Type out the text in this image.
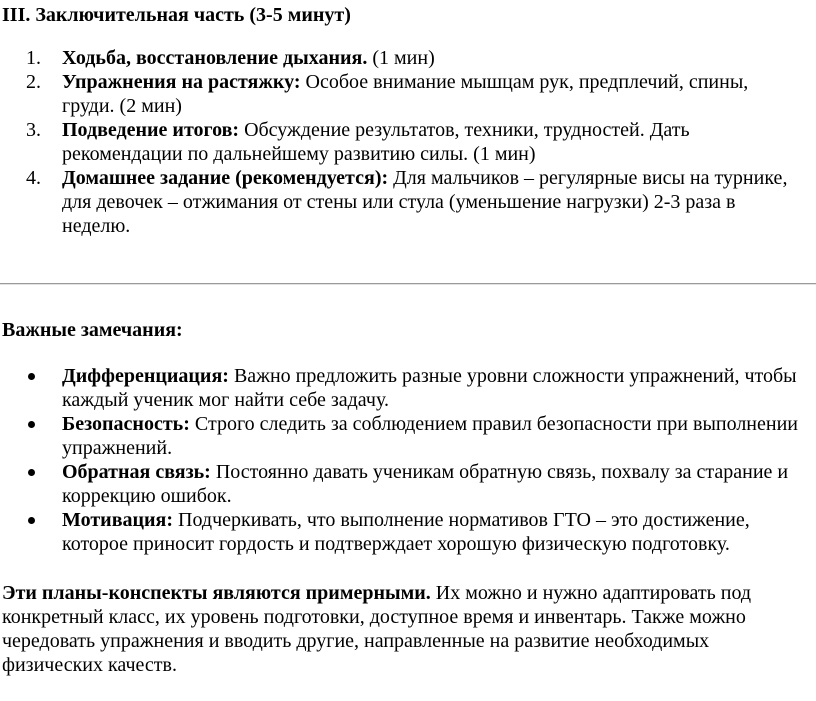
III. Заключительная часть (3-5 минут)
1. Ходьба, восстановление дыхания. (1 мин)
2. Упражнения на растяжку: Особое внимание мышцам рук, предплечий, спины, груди. (2 мин)
3. Подведение итогов: Обсуждение результатов, техники, трудностей. Дать рекомендации по дальнейшему развитию силы. (1 мин)
4. Домашнее задание (рекомендуется): Для мальчиков – регулярные висы на турнике, для девочек – отжимания от стены или стула (уменьшение нагрузки) 2-3 раза в неделю.

Важные замечания:

Дифференциация: Важно предложить разные уровни сложности упражнений, чтобы каждый ученик мог найти себе задачу.
Безопасность: Строго следить за соблюдением правил безопасности при выполнении упражнений.
Обратная связь: Постоянно давать ученикам обратную связь, похвалу за старание и коррекцию ошибок.
Мотивация: Подчеркивать, что выполнение нормативов ГТО – это достижение, которое приносит гордость и подтверждает хорошую физическую подготовку.

Эти планы-конспекты являются примерными. Их можно и нужно адаптировать под конкретный класс, их уровень подготовки, доступное время и инвентарь. Также можно чередовать упражнения и вводить другие, направленные на развитие необходимых физических качеств.
